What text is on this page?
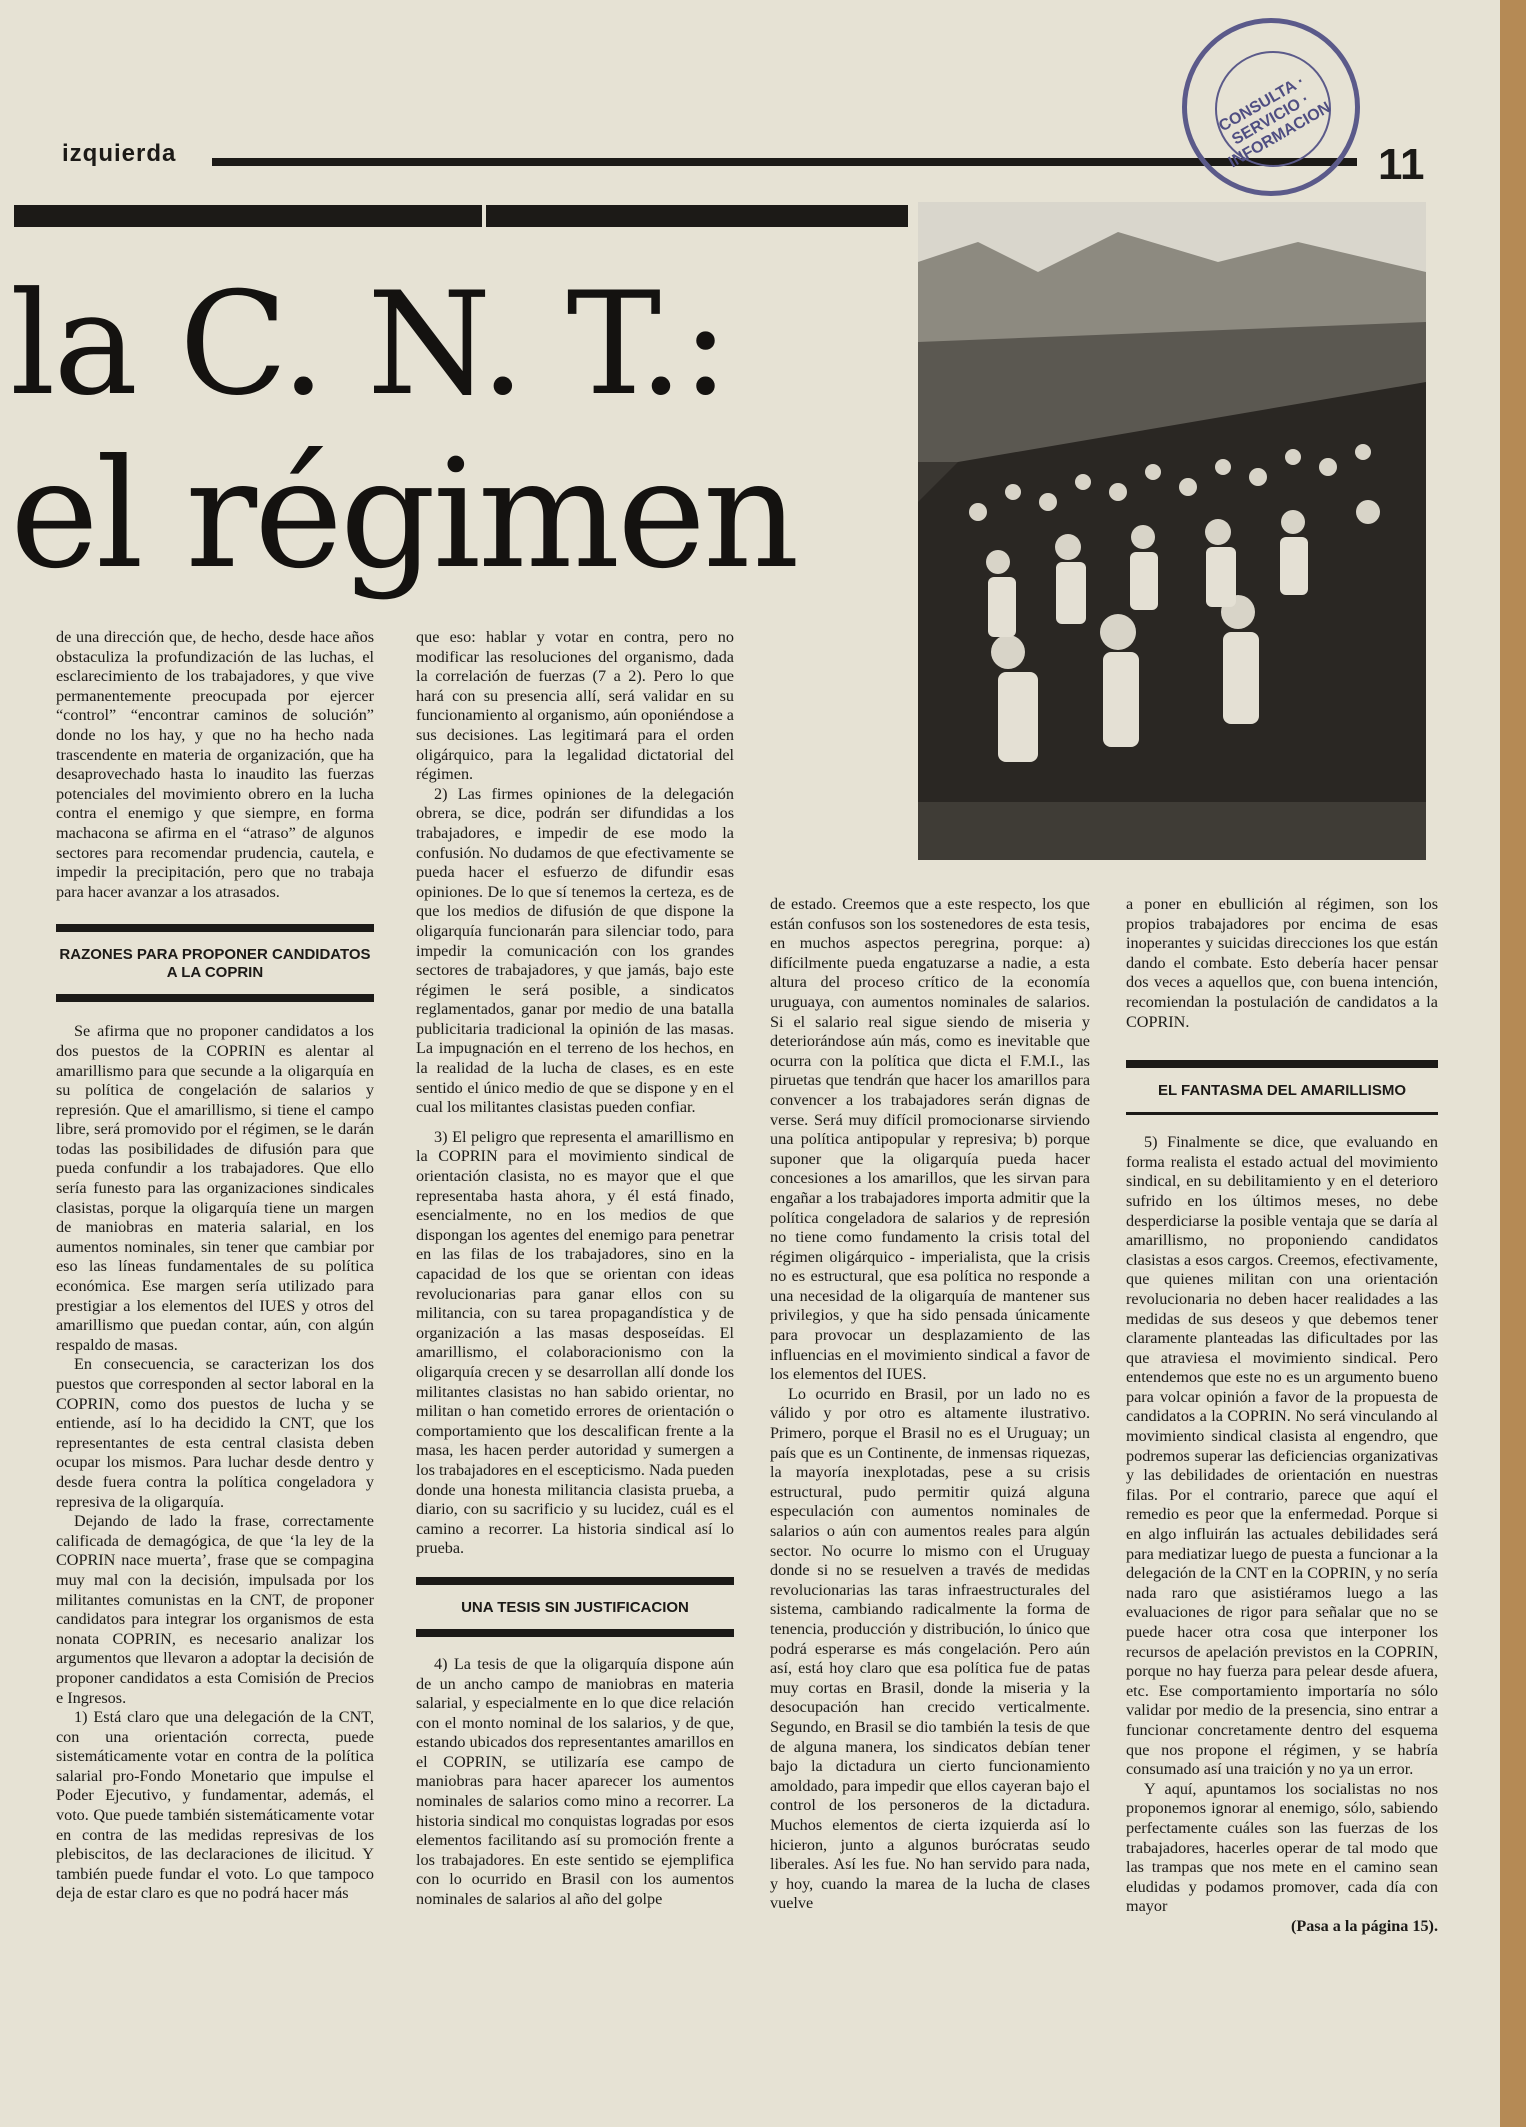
izquierda	11
CONSULTA · SERVICIO · INFORMACION
la C. N. T.:
el régimen

de una dirección que, de hecho, desde hace años obstaculiza la profundización de las luchas, el esclarecimiento de los trabajadores, y que vive permanentemente preocupada por ejercer “control” “encontrar caminos de solución” donde no los hay, y que no ha hecho nada trascendente en materia de organización, que ha desaprovechado hasta lo inaudito las fuerzas potenciales del movimiento obrero en la lucha contra el enemigo y que siempre, en forma machacona se afirma en el “atraso” de algunos sectores para recomendar prudencia, cautela, e impedir la precipitación, pero que no trabaja para hacer avanzar a los atrasados.

RAZONES PARA PROPONER CANDIDATOS A LA COPRIN

Se afirma que no proponer candidatos a los dos puestos de la COPRIN es alentar al amarillismo para que secunde a la oligarquía en su política de congelación de salarios y represión. Que el amarillismo, si tiene el campo libre, será promovido por el régimen, se le darán todas las posibilidades de difusión para que pueda confundir a los trabajadores. Que ello sería funesto para las organizaciones sindicales clasistas, porque la oligarquía tiene un margen de maniobras en materia salarial, en los aumentos nominales, sin tener que cambiar por eso las líneas fundamentales de su política económica. Ese margen sería utilizado para prestigiar a los elementos del IUES y otros del amarillismo que puedan contar, aún, con algún respaldo de masas.

En consecuencia, se caracterizan los dos puestos que corresponden al sector laboral en la COPRIN, como dos puestos de lucha y se entiende, así lo ha decidido la CNT, que los representantes de esta central clasista deben ocupar los mismos. Para luchar desde dentro y desde fuera contra la política congeladora y represiva de la oligarquía.

Dejando de lado la frase, correctamente calificada de demagógica, de que ‘la ley de la COPRIN nace muerta’, frase que se compagina muy mal con la decisión, impulsada por los militantes comunistas en la CNT, de proponer candidatos para integrar los organismos de esta nonata COPRIN, es necesario analizar los argumentos que llevaron a adoptar la decisión de proponer candidatos a esta Comisión de Precios e Ingresos.

1) Está claro que una delegación de la CNT, con una orientación correcta, puede sistemáticamente votar en contra de la política salarial pro-Fondo Monetario que impulse el Poder Ejecutivo, y fundamentar, además, el voto. Que puede también sistemáticamente votar en contra de las medidas represivas de los plebiscitos, de las declaraciones de ilicitud. Y también puede fundar el voto. Lo que tampoco deja de estar claro es que no podrá hacer más

que eso: hablar y votar en contra, pero no modificar las resoluciones del organismo, dada la correlación de fuerzas (7 a 2). Pero lo que hará con su presencia allí, será validar en su funcionamiento al organismo, aún oponiéndose a sus decisiones. Las legitimará para el orden oligárquico, para la legalidad dictatorial del régimen.

2) Las firmes opiniones de la delegación obrera, se dice, podrán ser difundidas a los trabajadores, e impedir de ese modo la confusión. No dudamos de que efectivamente se pueda hacer el esfuerzo de difundir esas opiniones. De lo que sí tenemos la certeza, es de que los medios de difusión de que dispone la oligarquía funcionarán para silenciar todo, para impedir la comunicación con los grandes sectores de trabajadores, y que jamás, bajo este régimen le será posible, a sindicatos reglamentados, ganar por medio de una batalla publicitaria tradicional la opinión de las masas. La impugnación en el terreno de los hechos, en la realidad de la lucha de clases, es en este sentido el único medio de que se dispone y en el cual los militantes clasistas pueden confiar.

3) El peligro que representa el amarillismo en la COPRIN para el movimiento sindical de orientación clasista, no es mayor que el que representaba hasta ahora, y él está finado, esencialmente, no en los medios de que dispongan los agentes del enemigo para penetrar en las filas de los trabajadores, sino en la capacidad de los que se orientan con ideas revolucionarias para ganar ellos con su militancia, con su tarea propagandística y de organización a las masas desposeídas. El amarillismo, el colaboracionismo con la oligarquía crecen y se desarrollan allí donde los militantes clasistas no han sabido orientar, no militan o han cometido errores de orientación o comportamiento que los descalifican frente a la masa, les hacen perder autoridad y sumergen a los trabajadores en el escepticismo. Nada pueden donde una honesta militancia clasista prueba, a diario, con su sacrificio y su lucidez, cuál es el camino a recorrer. La historia sindical así lo prueba.

UNA TESIS SIN JUSTIFICACION

4) La tesis de que la oligarquía dispone aún de un ancho campo de maniobras en materia salarial, y especialmente en lo que dice relación con el monto nominal de los salarios, y de que, estando ubicados dos representantes amarillos en el COPRIN, se utilizaría ese campo de maniobras para hacer aparecer los aumentos nominales de salarios como mino a recorrer. La historia sindical mo conquistas logradas por esos elementos facilitando así su promoción frente a los trabajadores. En este sentido se ejemplifica con lo ocurrido en Brasil con los aumentos nominales de salarios al año del golpe

de estado. Creemos que a este respecto, los que están confusos son los sostenedores de esta tesis, en muchos aspectos peregrina, porque: a) difícilmente pueda engatuzarse a nadie, a esta altura del proceso crítico de la economía uruguaya, con aumentos nominales de salarios. Si el salario real sigue siendo de miseria y deteriorándose aún más, como es inevitable que ocurra con la política que dicta el F.M.I., las piruetas que tendrán que hacer los amarillos para convencer a los trabajadores serán dignas de verse. Será muy difícil promocionarse sirviendo una política antipopular y represiva; b) porque suponer que la oligarquía pueda hacer concesiones a los amarillos, que les sirvan para engañar a los trabajadores importa admitir que la política congeladora de salarios y de represión no tiene como fundamento la crisis total del régimen oligárquico - imperialista, que la crisis no es estructural, que esa política no responde a una necesidad de la oligarquía de mantener sus privilegios, y que ha sido pensada únicamente para provocar un desplazamiento de las influencias en el movimiento sindical a favor de los elementos del IUES.

Lo ocurrido en Brasil, por un lado no es válido y por otro es altamente ilustrativo. Primero, porque el Brasil no es el Uruguay; un país que es un Continente, de inmensas riquezas, la mayoría inexplotadas, pese a su crisis estructural, pudo permitir quizá alguna especulación con aumentos nominales de salarios o aún con aumentos reales para algún sector. No ocurre lo mismo con el Uruguay donde si no se resuelven a través de medidas revolucionarias las taras infraestructurales del sistema, cambiando radicalmente la forma de tenencia, producción y distribución, lo único que podrá esperarse es más congelación. Pero aún así, está hoy claro que esa política fue de patas muy cortas en Brasil, donde la miseria y la desocupación han crecido verticalmente. Segundo, en Brasil se dio también la tesis de que de alguna manera, los sindicatos debían tener bajo la dictadura un cierto funcionamiento amoldado, para impedir que ellos cayeran bajo el control de los personeros de la dictadura. Muchos elementos de cierta izquierda así lo hicieron, junto a algunos burócratas seudo liberales. Así les fue. No han servido para nada, y hoy, cuando la marea de la lucha de clases vuelve

a poner en ebullición al régimen, son los propios trabajadores por encima de esas inoperantes y suicidas direcciones los que están dando el combate. Esto debería hacer pensar dos veces a aquellos que, con buena intención, recomiendan la postulación de candidatos a la COPRIN.

EL FANTASMA DEL AMARILLISMO

5) Finalmente se dice, que evaluando en forma realista el estado actual del movimiento sindical, en su debilitamiento y en el deterioro sufrido en los últimos meses, no debe desperdiciarse la posible ventaja que se daría al amarillismo, no proponiendo candidatos clasistas a esos cargos. Creemos, efectivamente, que quienes militan con una orientación revolucionaria no deben hacer realidades a las medidas de sus deseos y que debemos tener claramente planteadas las dificultades por las que atraviesa el movimiento sindical. Pero entendemos que este no es un argumento bueno para volcar opinión a favor de la propuesta de candidatos a la COPRIN. No será vinculando al movimiento sindical clasista al engendro, que podremos superar las deficiencias organizativas y las debilidades de orientación en nuestras filas. Por el contrario, parece que aquí el remedio es peor que la enfermedad. Porque si en algo influirán las actuales debilidades será para mediatizar luego de puesta a funcionar a la delegación de la CNT en la COPRIN, y no sería nada raro que asistiéramos luego a las evaluaciones de rigor para señalar que no se puede hacer otra cosa que interponer los recursos de apelación previstos en la COPRIN, porque no hay fuerza para pelear desde afuera, etc. Ese comportamiento importaría no sólo validar por medio de la presencia, sino entrar a funcionar concretamente dentro del esquema que nos propone el régimen, y se habría consumado así una traición y no ya un error.

Y aquí, apuntamos los socialistas no nos proponemos ignorar al enemigo, sólo, sabiendo perfectamente cuáles son las fuerzas de los trabajadores, hacerles operar de tal modo que las trampas que nos mete en el camino sean eludidas y podamos promover, cada día con mayor

(Pasa a la página 15).
